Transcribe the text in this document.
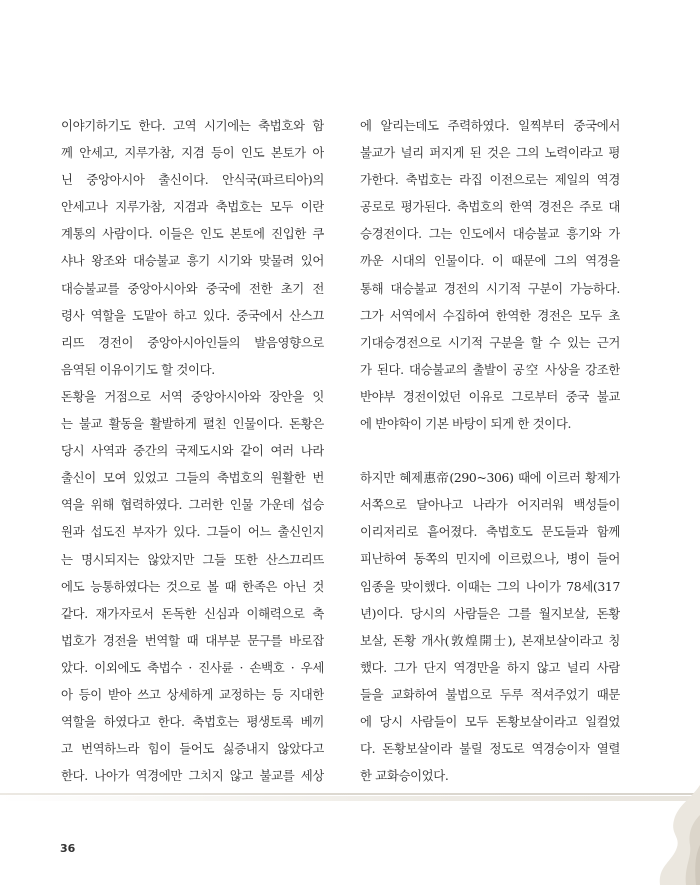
이야기하기도 한다. 고역 시기에는 축법호와 함
께 안세고, 지루가참, 지겸 등이 인도 본토가 아
닌 중앙아시아 출신이다. 안식국(파르티아)의
안세고나 지루가참, 지겸과 축법호는 모두 이란
계통의 사람이다. 이들은 인도 본토에 진입한 쿠
샤나 왕조와 대승불교 흥기 시기와 맞물려 있어
대승불교를 중앙아시아와 중국에 전한 초기 전
령사 역할을 도맡아 하고 있다. 중국에서 산스끄
리뜨 경전이 중앙아시아인들의 발음영향으로
음역된 이유이기도 할 것이다.
돈황을 거점으로 서역 중앙아시아와 장안을 잇
는 불교 활동을 활발하게 펼친 인물이다. 돈황은
당시 사역과 중간의 국제도시와 같이 여러 나라
출신이 모여 있었고 그들의 축법호의 원활한 번
역을 위해 협력하였다. 그러한 인물 가운데 섭승
원과 섭도진 부자가 있다. 그들이 어느 출신인지
는 명시되지는 않았지만 그들 또한 산스끄리뜨
에도 능통하였다는 것으로 볼 때 한족은 아닌 것
같다. 재가자로서 돈독한 신심과 이해력으로 축
법호가 경전을 번역할 때 대부분 문구를 바로잡
았다. 이외에도 축법수 · 진사륜 · 손백호 · 우세
아 등이 받아 쓰고 상세하게 교정하는 등 지대한
역할을 하였다고 한다. 축법호는 평생토록 베끼
고 번역하느라 힘이 들어도 싫증내지 않았다고
한다. 나아가 역경에만 그치지 않고 불교를 세상
에 알리는데도 주력하였다. 일찍부터 중국에서
불교가 널리 퍼지게 된 것은 그의 노력이라고 평
가한다. 축법호는 라집 이전으로는 제일의 역경
공로로 평가된다. 축법호의 한역 경전은 주로 대
승경전이다. 그는 인도에서 대승불교 흥기와 가
까운 시대의 인물이다. 이 때문에 그의 역경을
통해 대승불교 경전의 시기적 구분이 가능하다.
그가 서역에서 수집하여 한역한 경전은 모두 초
기대승경전으로 시기적 구분을 할 수 있는 근거
가 된다. 대승불교의 출발이 공空 사상을 강조한
반야부 경전이었던 이유로 그로부터 중국 불교
에 반야학이 기본 바탕이 되게 한 것이다.
하지만 혜제惠帝(290~306) 때에 이르러 황제가
서쪽으로 달아나고 나라가 어지러워 백성들이
이리저리로 흩어졌다. 축법호도 문도들과 함께
피난하여 동쪽의 민지에 이르렀으나, 병이 들어
임종을 맞이했다. 이때는 그의 나이가 78세(317
년)이다. 당시의 사람들은 그를 월지보살, 돈황
보살, 돈황 개사(敦煌開士), 본재보살이라고 칭
했다. 그가 단지 역경만을 하지 않고 널리 사람
들을 교화하여 불법으로 두루 적셔주었기 때문
에 당시 사람들이 모두 돈황보살이라고 일컬었
다. 돈황보살이라 불릴 정도로 역경승이자 열렬
한 교화승이었다.
36
